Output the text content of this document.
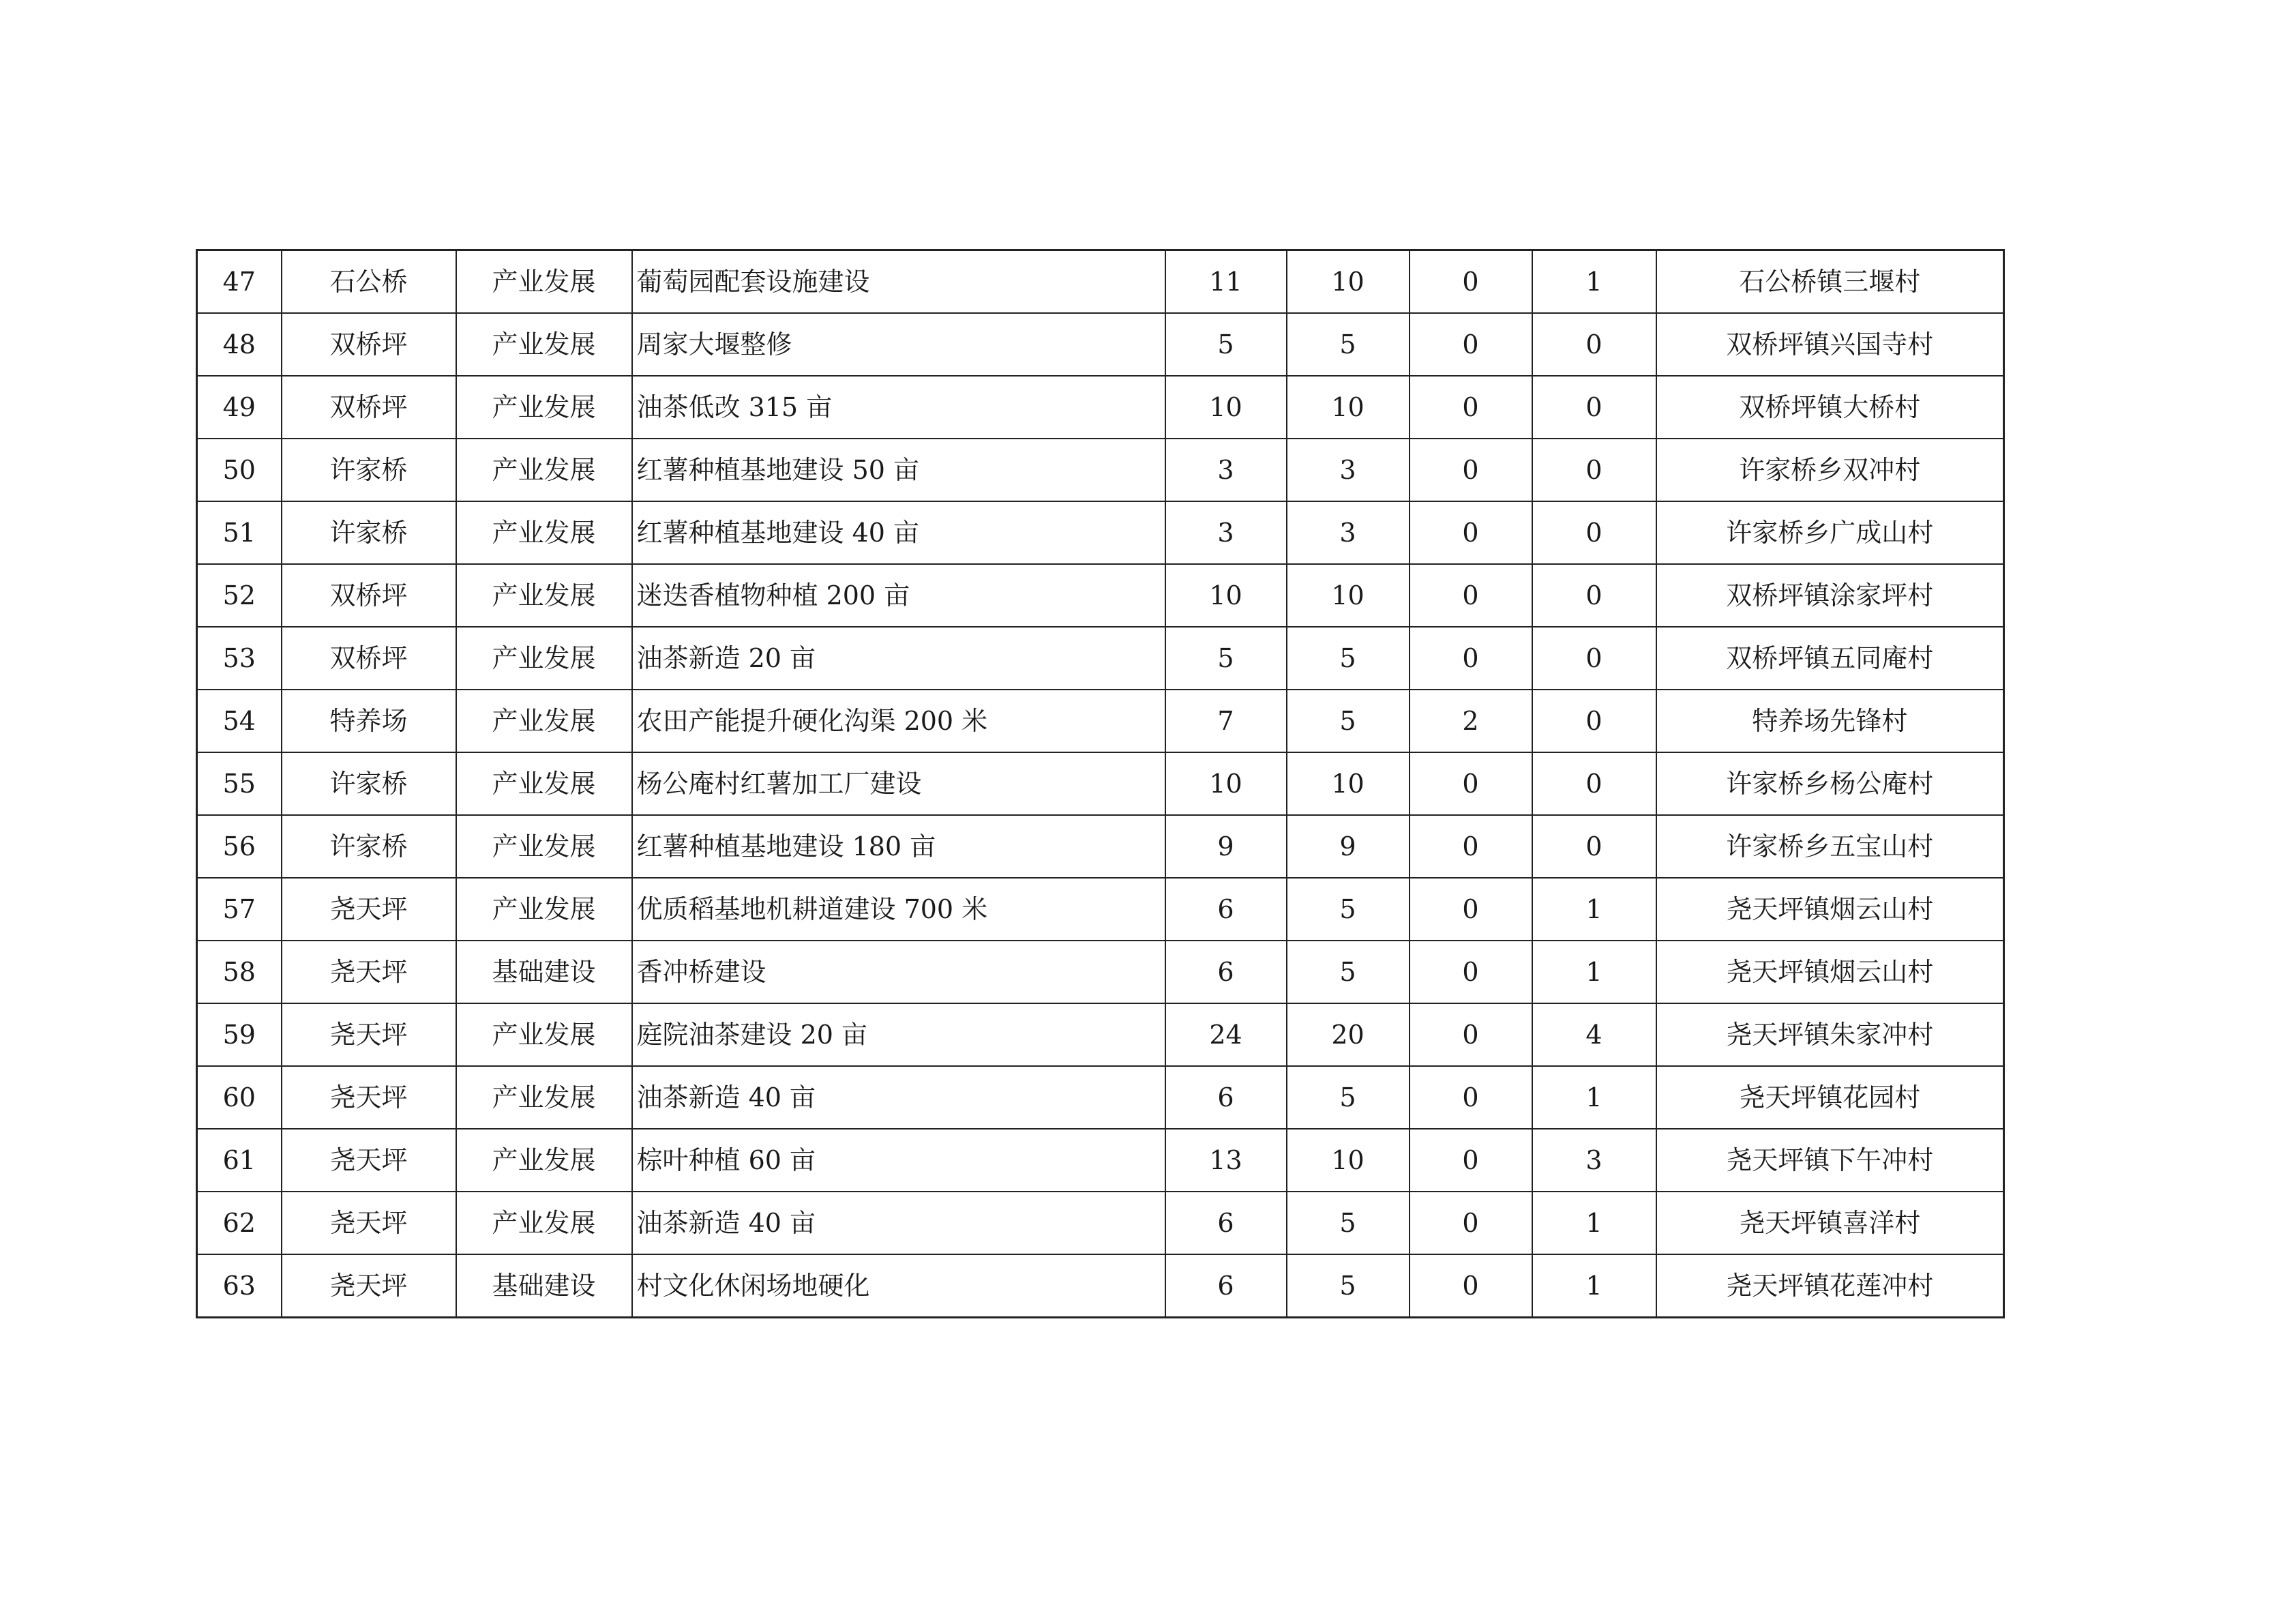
47	石公桥	产业发展	葡萄园配套设施建设	11	10	0	1	石公桥镇三堰村
48	双桥坪	产业发展	周家大堰整修	5	5	0	0	双桥坪镇兴国寺村
49	双桥坪	产业发展	油茶低改 315 亩	10	10	0	0	双桥坪镇大桥村
50	许家桥	产业发展	红薯种植基地建设 50 亩	3	3	0	0	许家桥乡双冲村
51	许家桥	产业发展	红薯种植基地建设 40 亩	3	3	0	0	许家桥乡广成山村
52	双桥坪	产业发展	迷迭香植物种植 200 亩	10	10	0	0	双桥坪镇涂家坪村
53	双桥坪	产业发展	油茶新造 20 亩	5	5	0	0	双桥坪镇五同庵村
54	特养场	产业发展	农田产能提升硬化沟渠 200 米	7	5	2	0	特养场先锋村
55	许家桥	产业发展	杨公庵村红薯加工厂建设	10	10	0	0	许家桥乡杨公庵村
56	许家桥	产业发展	红薯种植基地建设 180 亩	9	9	0	0	许家桥乡五宝山村
57	尧天坪	产业发展	优质稻基地机耕道建设 700 米	6	5	0	1	尧天坪镇烟云山村
58	尧天坪	基础建设	香冲桥建设	6	5	0	1	尧天坪镇烟云山村
59	尧天坪	产业发展	庭院油茶建设 20 亩	24	20	0	4	尧天坪镇朱家冲村
60	尧天坪	产业发展	油茶新造 40 亩	6	5	0	1	尧天坪镇花园村
61	尧天坪	产业发展	棕叶种植 60 亩	13	10	0	3	尧天坪镇下午冲村
62	尧天坪	产业发展	油茶新造 40 亩	6	5	0	1	尧天坪镇喜洋村
63	尧天坪	基础建设	村文化休闲场地硬化	6	5	0	1	尧天坪镇花莲冲村
